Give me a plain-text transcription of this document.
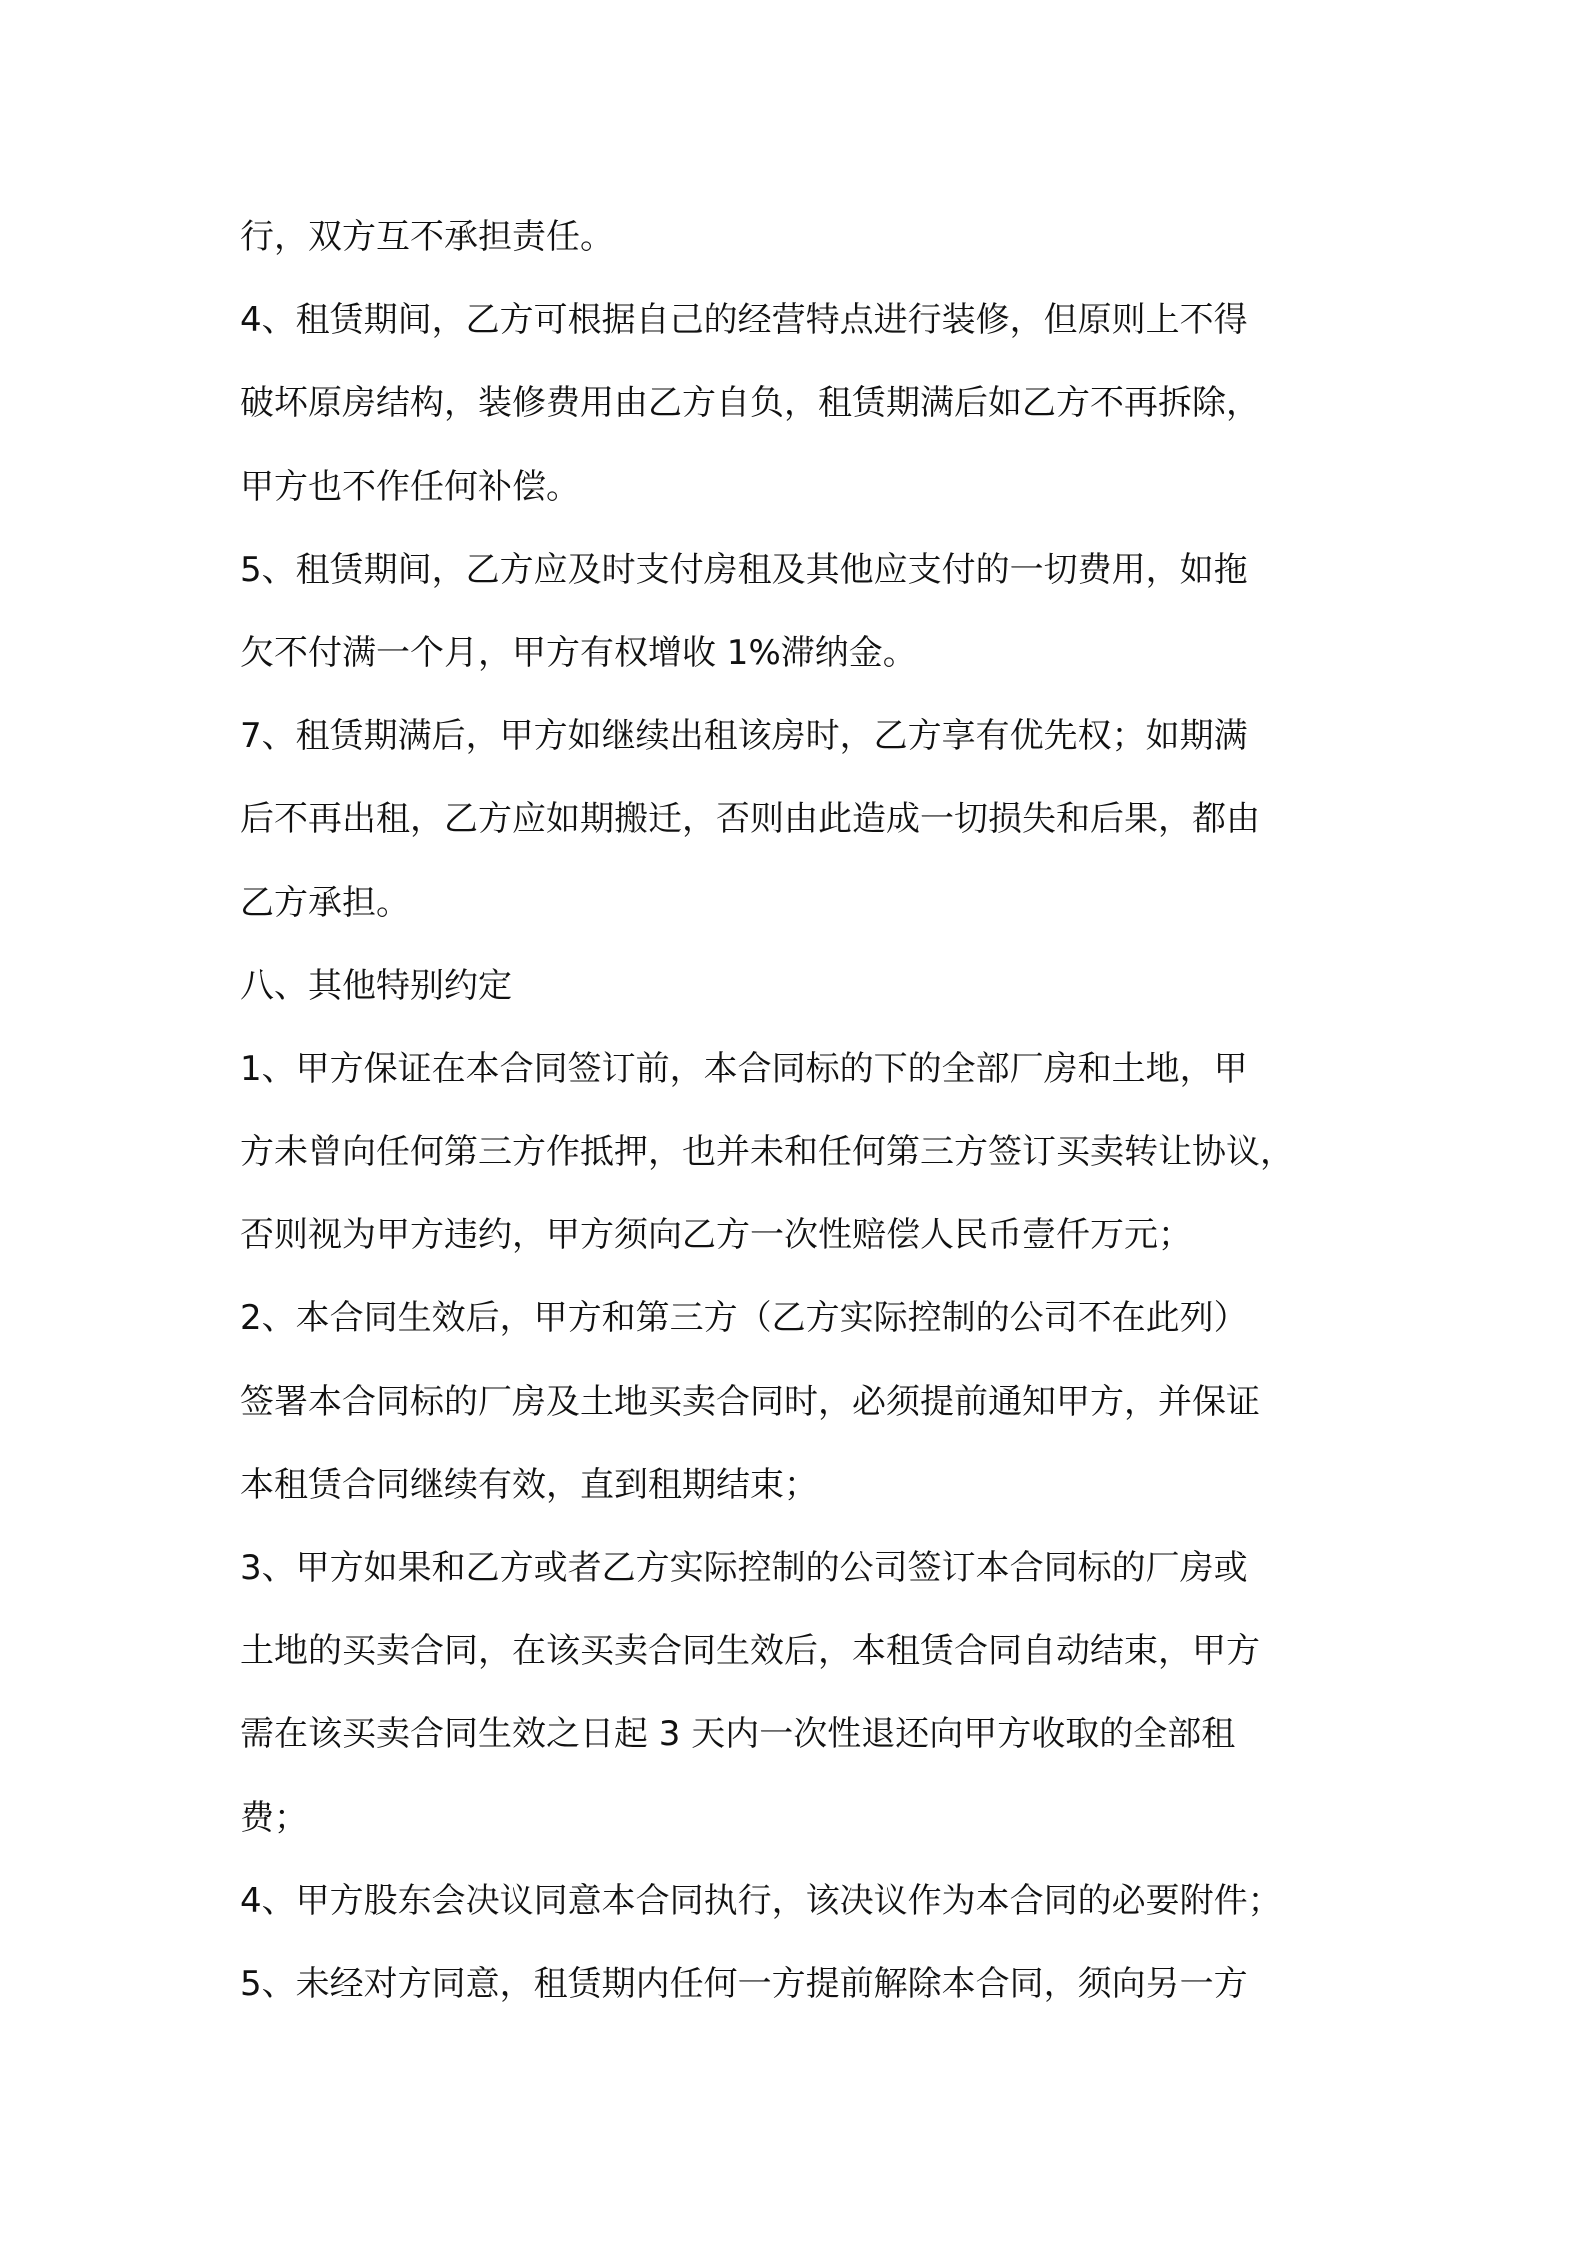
行，双方互不承担责任。
4、租赁期间，乙方可根据自己的经营特点进行装修，但原则上不得
破坏原房结构，装修费用由乙方自负，租赁期满后如乙方不再拆除，
甲方也不作任何补偿。
5、租赁期间，乙方应及时支付房租及其他应支付的一切费用，如拖
欠不付满一个月，甲方有权增收 1%滞纳金。
7、租赁期满后，甲方如继续出租该房时，乙方享有优先权；如期满
后不再出租，乙方应如期搬迁，否则由此造成一切损失和后果，都由
乙方承担。
八、其他特别约定
1、甲方保证在本合同签订前，本合同标的下的全部厂房和土地，甲
方未曾向任何第三方作抵押，也并未和任何第三方签订买卖转让协议，
否则视为甲方违约，甲方须向乙方一次性赔偿人民币壹仟万元；
2、本合同生效后，甲方和第三方（乙方实际控制的公司不在此列）
签署本合同标的厂房及土地买卖合同时，必须提前通知甲方，并保证
本租赁合同继续有效，直到租期结束；
3、甲方如果和乙方或者乙方实际控制的公司签订本合同标的厂房或
土地的买卖合同，在该买卖合同生效后，本租赁合同自动结束，甲方
需在该买卖合同生效之日起 3 天内一次性退还向甲方收取的全部租
费；
4、甲方股东会决议同意本合同执行，该决议作为本合同的必要附件；
5、未经对方同意，租赁期内任何一方提前解除本合同，须向另一方
